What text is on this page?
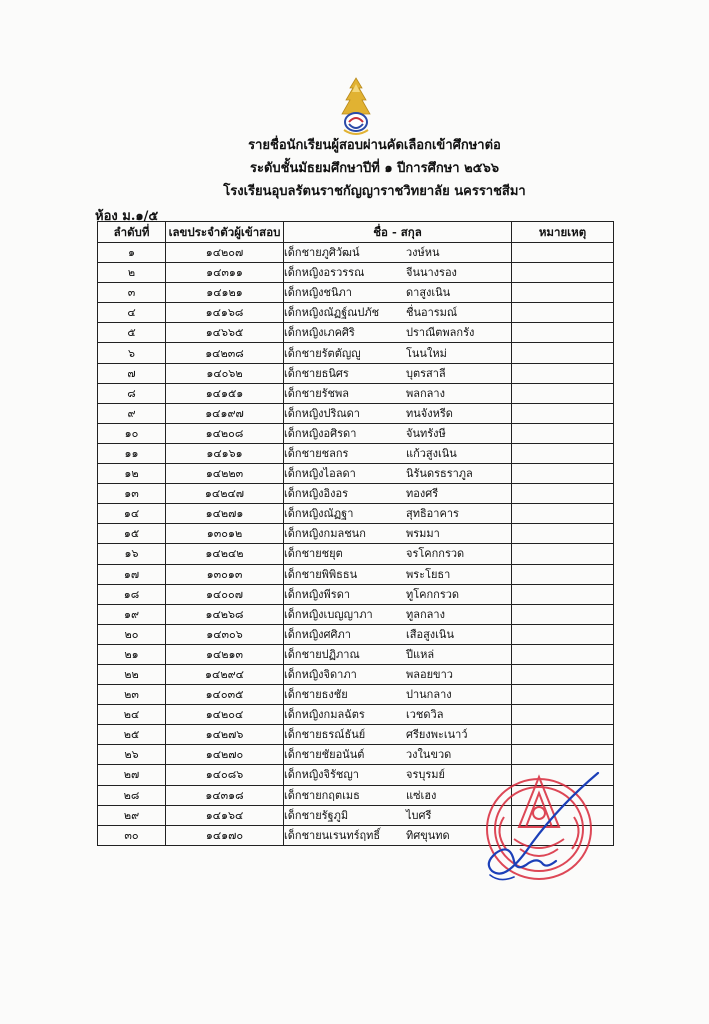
รายชื่อนักเรียนผู้สอบผ่านคัดเลือกเข้าศึกษาต่อ
ระดับชั้นมัธยมศึกษาปีที่ ๑ ปีการศึกษา ๒๕๖๖
โรงเรียนอุบลรัตนราชกัญญาราชวิทยาลัย นครราชสีมา
ห้อง ม.๑/๕
ลำดับที่	เลขประจำตัวผู้เข้าสอบ	ชื่อ - สกุล	หมายเหตุ
๑	๑๔๒๐๗	เด็กชายภูศิวัฒน์ วงษ์หน	
๒	๑๔๓๑๑	เด็กหญิงอรวรรณ จีนนางรอง	
๓	๑๔๑๒๑	เด็กหญิงชนิภา ดาสูงเนิน	
๔	๑๔๑๖๘	เด็กหญิงณัฏฐ์ณปภัช ชื่นอารมณ์	
๕	๑๔๖๖๕	เด็กหญิงเภคศิริ ปราณีตพลกรัง	
๖	๑๔๒๓๘	เด็กชายรัตตัญญู โนนใหม่	
๗	๑๔๐๖๒	เด็กชายธนิศร บุตรสาลี	
๘	๑๔๑๕๑	เด็กชายรัชพล พลกลาง	
๙	๑๔๑๙๗	เด็กหญิงปริณดา ทนจังหรีด	
๑๐	๑๔๒๐๘	เด็กหญิงอศิรดา จันทรังษี	
๑๑	๑๔๑๖๑	เด็กชายชลกร แก้วสูงเนิน	
๑๒	๑๔๒๒๓	เด็กหญิงไอลดา นิรันดรธราภูล	
๑๓	๑๔๒๔๗	เด็กหญิงอิงอร ทองศรี	
๑๔	๑๔๒๗๑	เด็กหญิงณัฏฐา สุทธิอาคาร	
๑๕	๑๓๐๑๒	เด็กหญิงกมลชนก พรมมา	
๑๖	๑๔๒๔๒	เด็กชายชยุต จรโคกกรวด	
๑๗	๑๓๐๑๓	เด็กชายพิพิธธน พระโยธา	
๑๘	๑๔๐๐๗	เด็กหญิงพีรดา ทูโคกกรวด	
๑๙	๑๔๒๖๘	เด็กหญิงเบญญาภา ทูลกลาง	
๒๐	๑๔๓๐๖	เด็กหญิงศศิภา เสือสูงเนิน	
๒๑	๑๔๒๑๓	เด็กชายปฏิภาณ ปีแหล่	
๒๒	๑๔๒๙๔	เด็กหญิงจิดาภา พลอยขาว	
๒๓	๑๔๐๓๕	เด็กชายธงชัย ปานกลาง	
๒๔	๑๔๒๐๔	เด็กหญิงกมลฉัตร เวชดวิล	
๒๕	๑๔๒๗๖	เด็กชายธรณ์ธันย์ ศรียงพะเนาว์	
๒๖	๑๔๒๗๐	เด็กชายชัยอนันต์ วงในขวด	
๒๗	๑๔๐๘๖	เด็กหญิงจิรัชญา จรบุรมย์	
๒๘	๑๔๓๑๘	เด็กชายกฤตเมธ แซ่เฮง	
๒๙	๑๔๑๖๔	เด็กชายรัฐภูมิ ไบศรี	
๓๐	๑๔๑๗๐	เด็กชายนเรนทร์ฤทธิ์ ทิศขุนทด	
